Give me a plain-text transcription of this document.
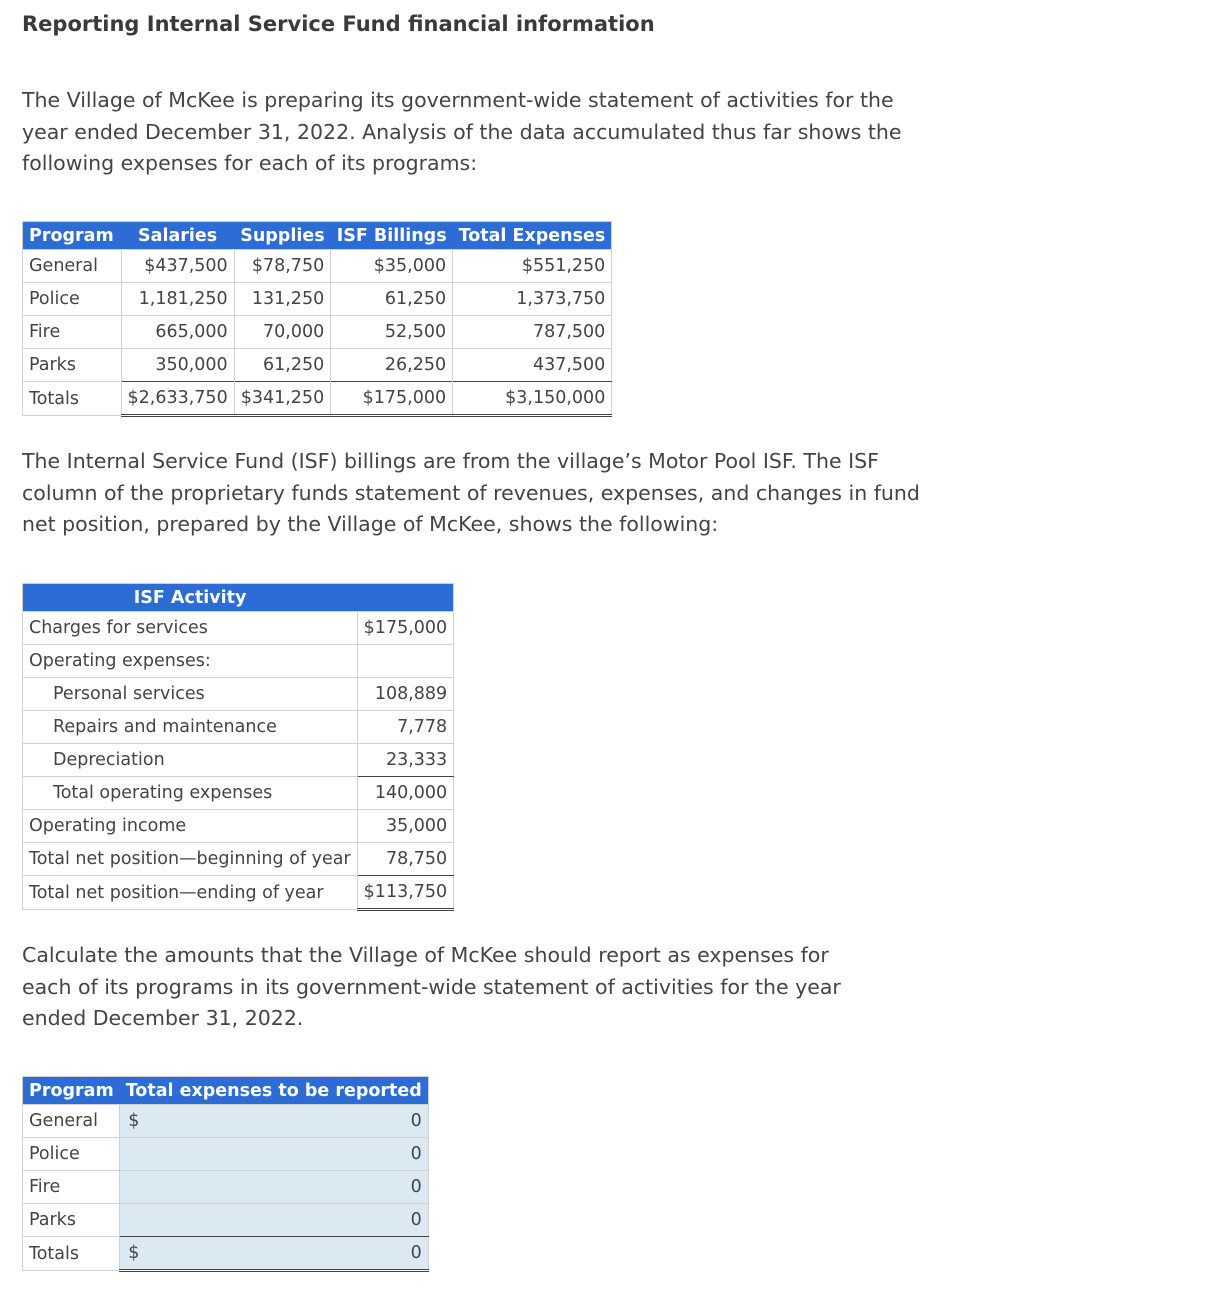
Reporting Internal Service Fund financial information

The Village of McKee is preparing its government-wide statement of activities for the year ended December 31, 2022. Analysis of the data accumulated thus far shows the following expenses for each of its programs:

Program	Salaries	Supplies	ISF Billings	Total Expenses
General	$437,500	$78,750	$35,000	$551,250
Police	1,181,250	131,250	61,250	1,373,750
Fire	665,000	70,000	52,500	787,500
Parks	350,000	61,250	26,250	437,500
Totals	$2,633,750	$341,250	$175,000	$3,150,000

The Internal Service Fund (ISF) billings are from the village’s Motor Pool ISF. The ISF column of the proprietary funds statement of revenues, expenses, and changes in fund net position, prepared by the Village of McKee, shows the following:

ISF Activity	
Charges for services	$175,000
Operating expenses:	
Personal services	108,889
Repairs and maintenance	7,778
Depreciation	23,333
Total operating expenses	140,000
Operating income	35,000
Total net position—beginning of year	78,750
Total net position—ending of year	$113,750

Calculate the amounts that the Village of McKee should report as expenses for each of its programs in its government-wide statement of activities for the year ended December 31, 2022.

Program	Total expenses to be reported
General	$ 0
Police	0
Fire	0
Parks	0
Totals	$ 0
